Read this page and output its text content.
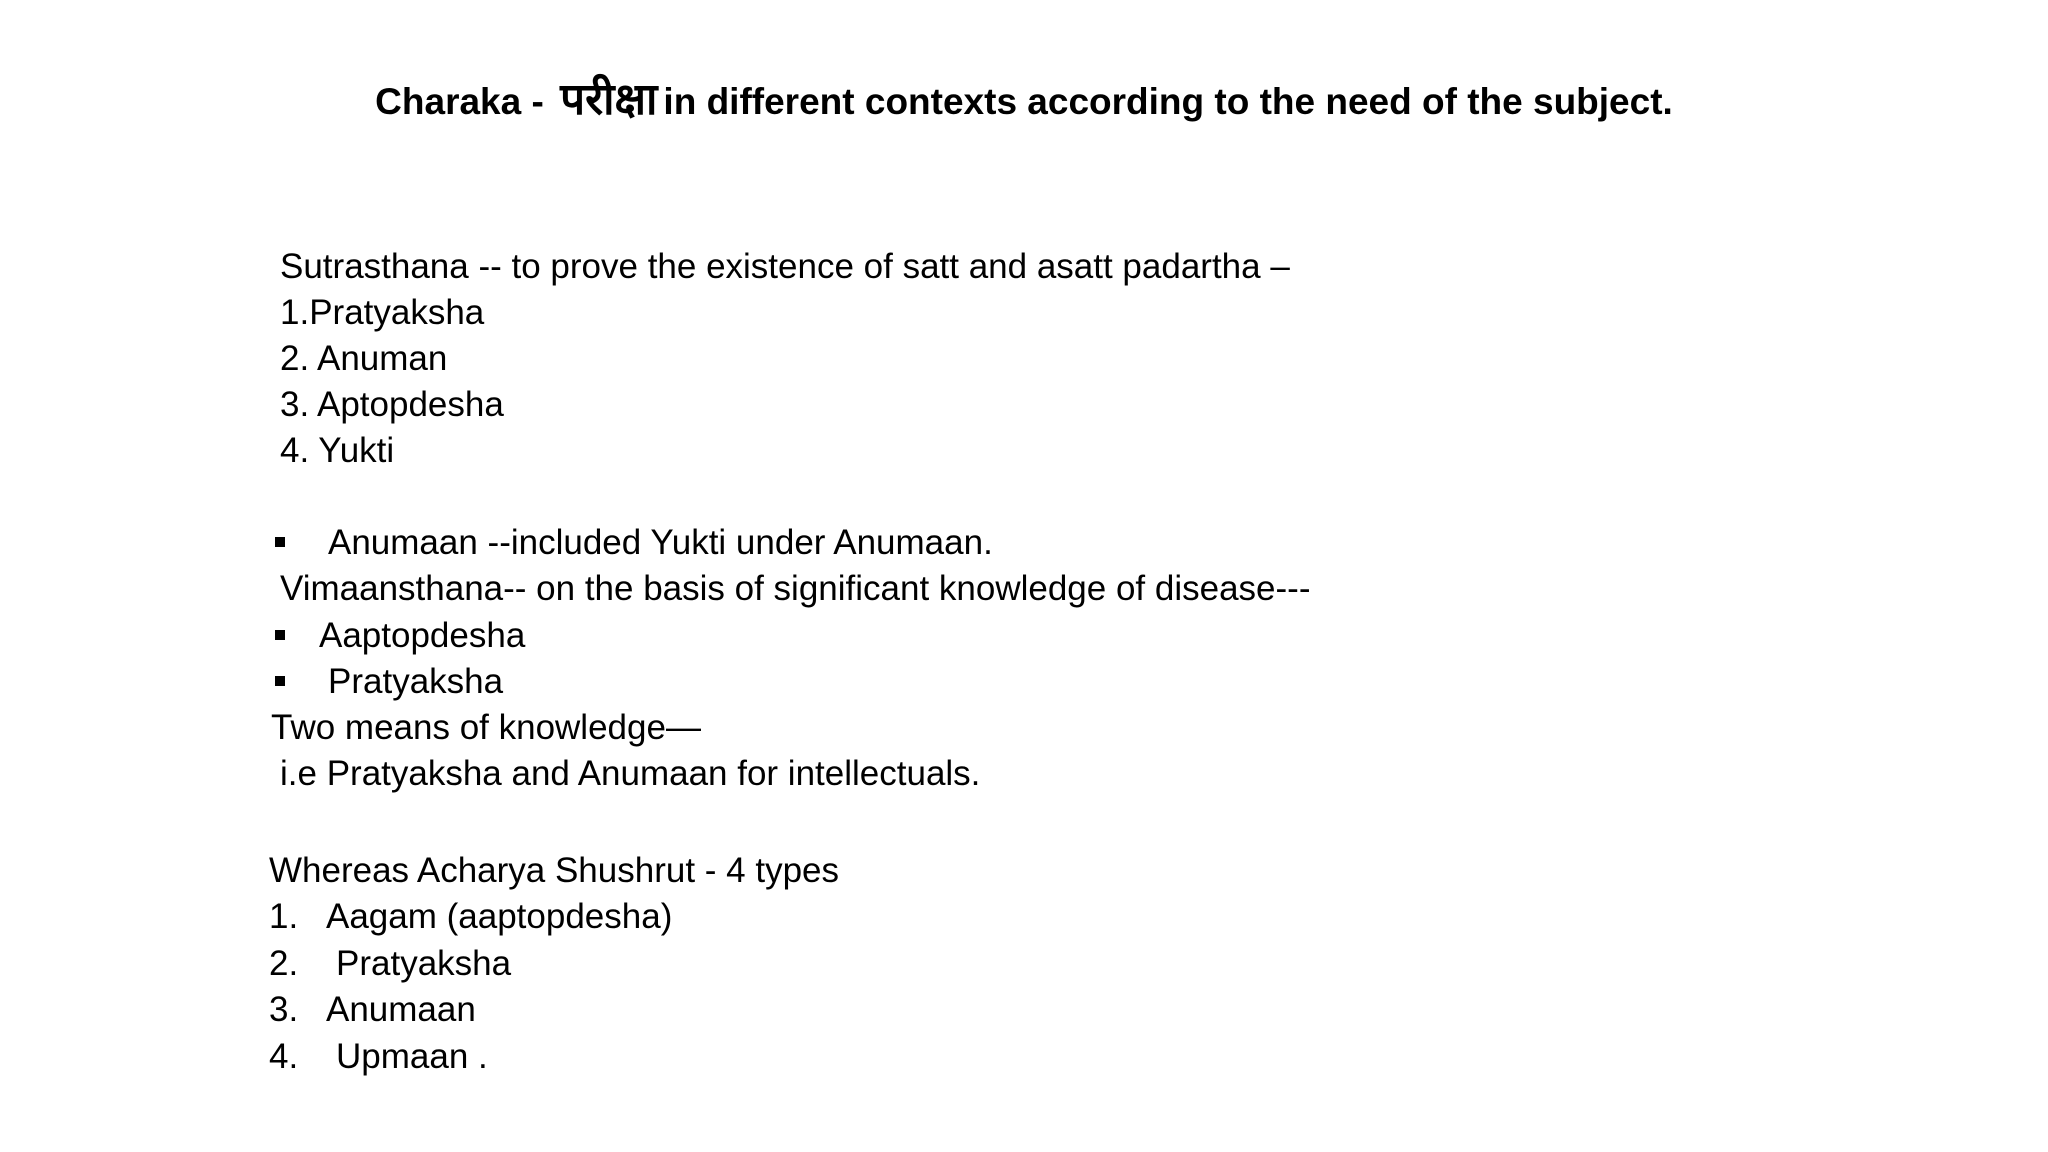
Charaka - परीक्षा in different contexts according to the need of the subject.
Sutrasthana -- to prove the existence of satt and asatt padartha –
1.Pratyaksha
2. Anuman
3. Aptopdesha
4. Yukti
Anumaan --included Yukti under Anumaan.
Vimaansthana-- on the basis of significant knowledge of disease---
Aaptopdesha
Pratyaksha
Two means of knowledge—
i.e Pratyaksha and Anumaan for intellectuals.
Whereas Acharya Shushrut - 4 types
1. Aagam (aaptopdesha)
2. Pratyaksha
3. Anumaan
4. Upmaan .
